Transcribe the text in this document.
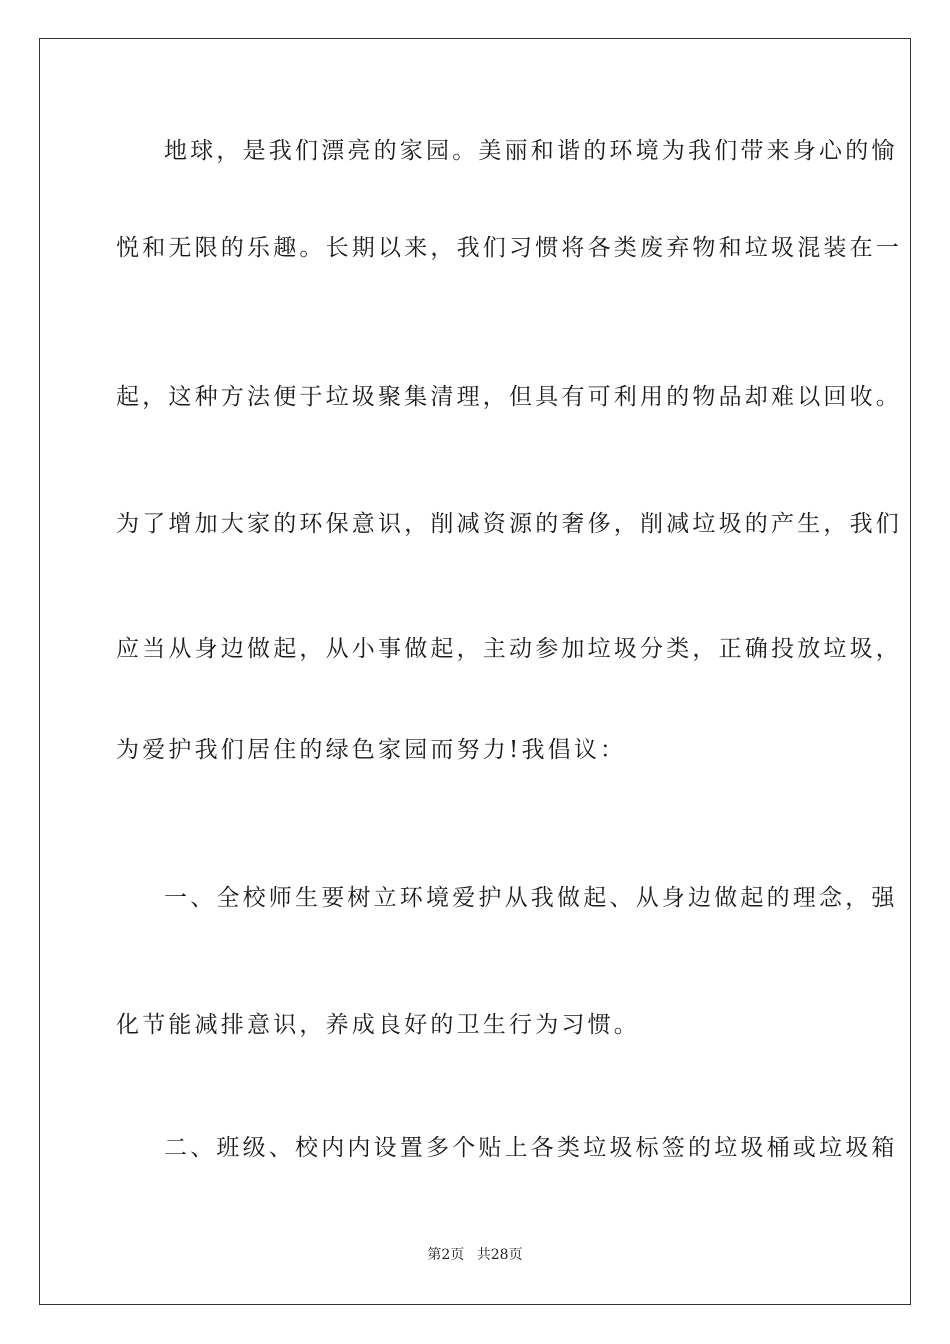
地球，是我们漂亮的家园。美丽和谐的环境为我们带来身心的愉
悦和无限的乐趣。长期以来，我们习惯将各类废弃物和垃圾混装在一
起，这种方法便于垃圾聚集清理，但具有可利用的物品却难以回收。
为了增加大家的环保意识，削减资源的奢侈，削减垃圾的产生，我们
应当从身边做起，从小事做起，主动参加垃圾分类，正确投放垃圾，
为爱护我们居住的绿色家园而努力!我倡议：
一、全校师生要树立环境爱护从我做起、从身边做起的理念，强
化节能减排意识，养成良好的卫生行为习惯。
二、班级、校内内设置多个贴上各类垃圾标签的垃圾桶或垃圾箱
第2页 共28页
